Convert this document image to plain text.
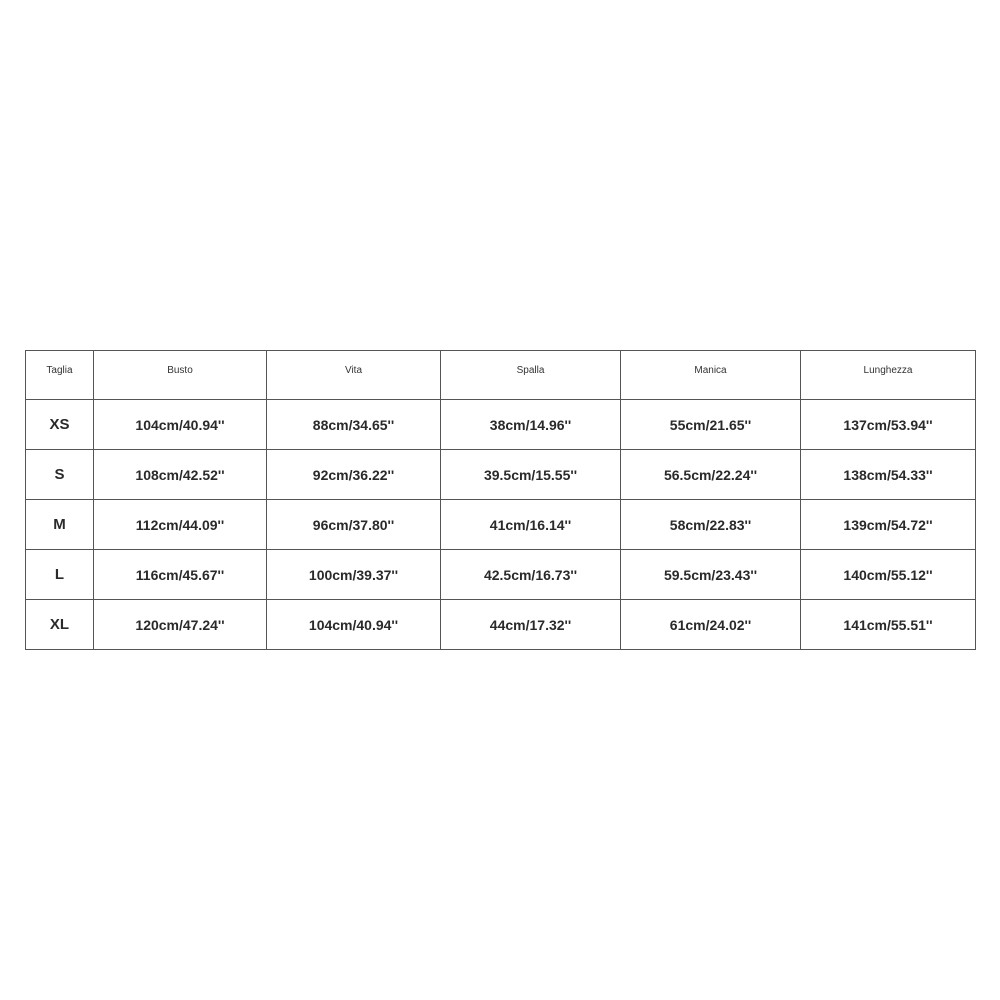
Taglia	Busto	Vita	Spalla	Manica	Lunghezza
XS	104cm/40.94''	88cm/34.65''	38cm/14.96''	55cm/21.65''	137cm/53.94''
S	108cm/42.52''	92cm/36.22''	39.5cm/15.55''	56.5cm/22.24''	138cm/54.33''
M	112cm/44.09''	96cm/37.80''	41cm/16.14''	58cm/22.83''	139cm/54.72''
L	116cm/45.67''	100cm/39.37''	42.5cm/16.73''	59.5cm/23.43''	140cm/55.12''
XL	120cm/47.24''	104cm/40.94''	44cm/17.32''	61cm/24.02''	141cm/55.51''
